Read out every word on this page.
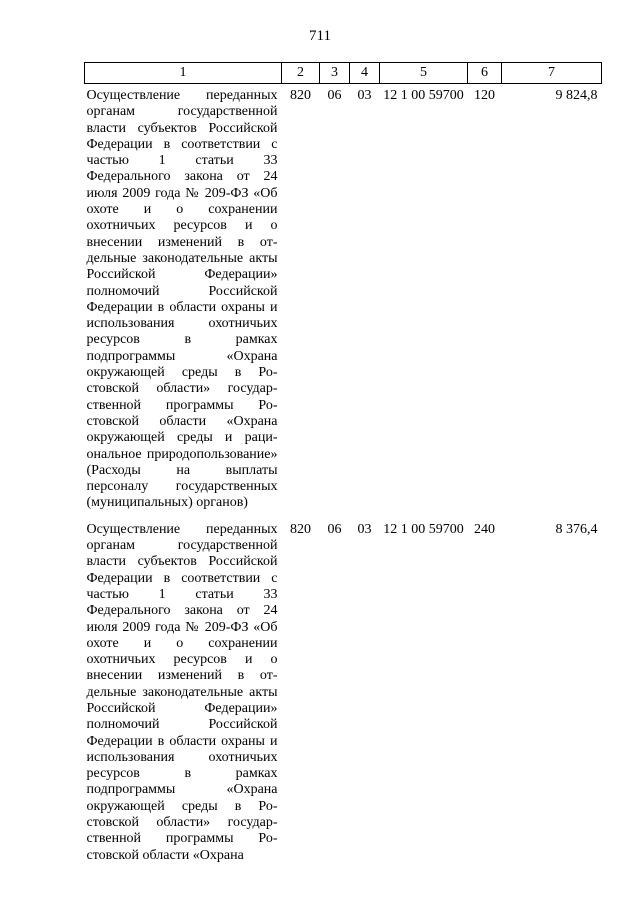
711
1	2	3	4	5	6	7
Осуществление переданных органам государственной власти субъектов Российской Федерации в соответствии с частью 1 статьи 33 Федерального закона от 24 июля 2009 года № 209-ФЗ «Об охоте и о сохранении охотничьих ресурсов и о внесении изменений в отдельные законодательные акты Российской Федерации» полномочий Российской Федерации в области охраны и использования охотничьих ресурсов в рамках подпрограммы «Охрана окружающей среды в Ростовской области» государственной программы Ростовской области «Охрана окружающей среды и рациональное природопользование» (Расходы на выплаты персоналу государственных (муниципальных) органов)	820	06	03	12 1 00 59700	120	9 824,8
Осуществление переданных органам государственной власти субъектов Российской Федерации в соответствии с частью 1 статьи 33 Федерального закона от 24 июля 2009 года № 209-ФЗ «Об охоте и о сохранении охотничьих ресурсов и о внесении изменений в отдельные законодательные акты Российской Федерации» полномочий Российской Федерации в области охраны и использования охотничьих ресурсов в рамках подпрограммы «Охрана окружающей среды в Ростовской области» государственной программы Ростовской области «Охрана	820	06	03	12 1 00 59700	240	8 376,4
